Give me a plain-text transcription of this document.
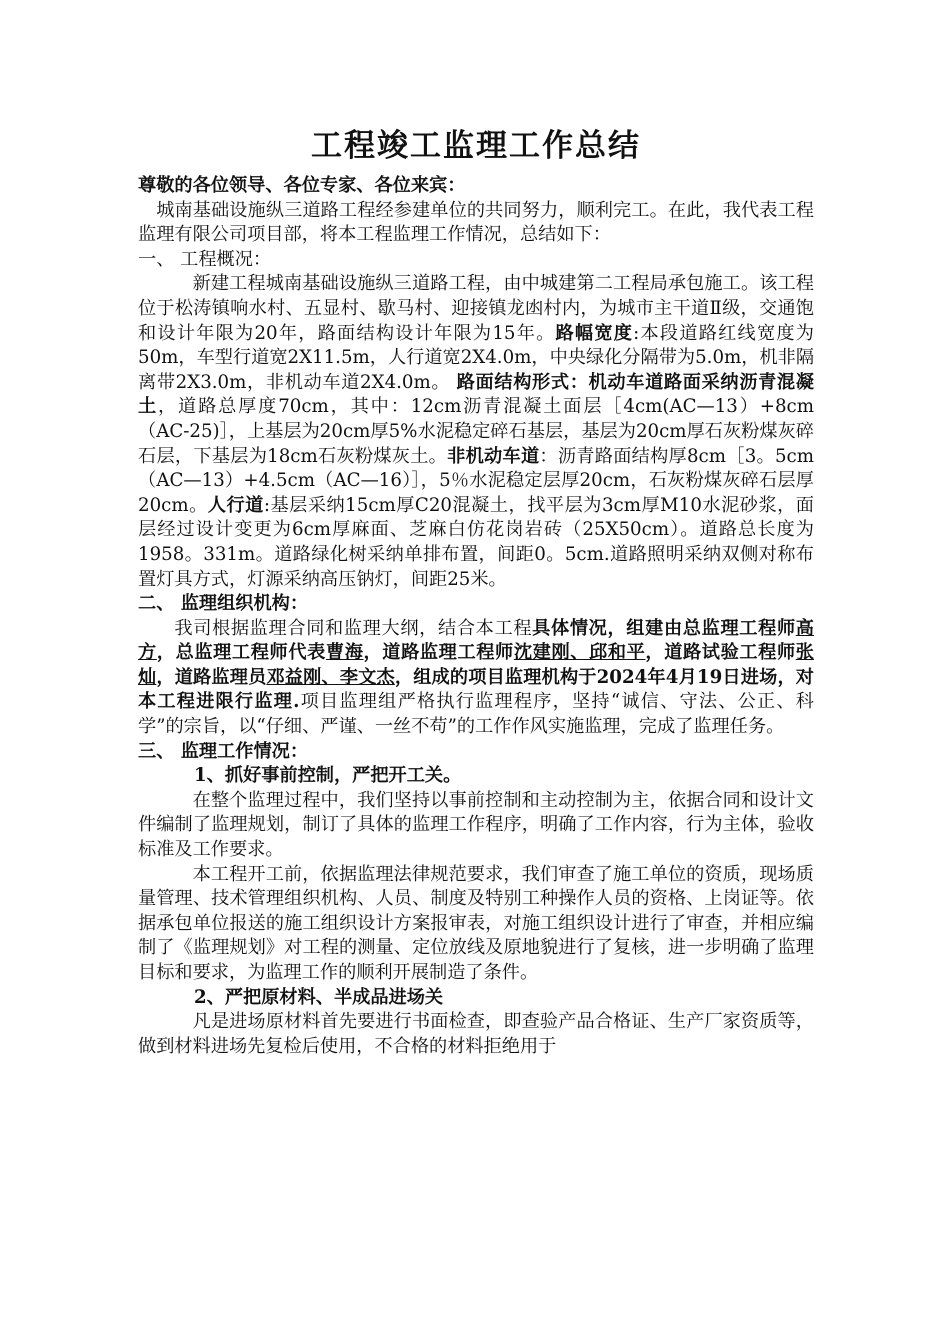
工程竣工监理工作总结

尊敬的各位领导、各位专家、各位来宾：

城南基础设施纵三道路工程经参建单位的共同努力，顺利完工。在此，我代表工程监理有限公司项目部，将本工程监理工作情况，总结如下：

一、 工程概况：

新建工程城南基础设施纵三道路工程，由中城建第二工程局承包施工。该工程位于松涛镇响水村、五显村、歇马村、迎接镇龙凼村内，为城市主干道Ⅱ级，交通饱和设计年限为20年，路面结构设计年限为15年。路幅宽度:本段道路红线宽度为50m，车型行道宽2X11.5m，人行道宽2X4.0m，中央绿化分隔带为5.0m，机非隔离带2X3.0m，非机动车道2X4.0m。 路面结构形式：机动车道路面采纳沥青混凝土，道路总厚度70cm，其中：12cm沥青混凝土面层［4cm(AC—13）+8cm（AC-25)］，上基层为20cm厚5%水泥稳定碎石基层，基层为20cm厚石灰粉煤灰碎石层，下基层为18cm石灰粉煤灰土。非机动车道：沥青路面结构厚8cm［3。5cm（AC—13）+4.5cm（AC—16）］，5％水泥稳定层厚20cm，石灰粉煤灰碎石层厚20cm。人行道:基层采纳15cm厚C20混凝土，找平层为3cm厚M10水泥砂浆，面层经过设计变更为6cm厚麻面、芝麻白仿花岗岩砖（25X50cm）。道路总长度为1958。331m。道路绿化树采纳单排布置，间距0。5cm.道路照明采纳双侧对称布置灯具方式，灯源采纳高压钠灯，间距25米。

二、 监理组织机构：

我司根据监理合同和监理大纲，结合本工程具体情况，组建由总监理工程师高方，总监理工程师代表曹海，道路监理工程师沈建刚、邱和平，道路试验工程师张灿，道路监理员邓益刚、李文杰，组成的项目监理机构于2024年4月19日进场，对本工程进限行监理.项目监理组严格执行监理程序，坚持“诚信、守法、公正、科学”的宗旨，以“仔细、严谨、一丝不苟”的工作作风实施监理，完成了监理任务。

三、 监理工作情况：

1、抓好事前控制，严把开工关。

在整个监理过程中，我们坚持以事前控制和主动控制为主，依据合同和设计文件编制了监理规划，制订了具体的监理工作程序，明确了工作内容，行为主体，验收标准及工作要求。

本工程开工前，依据监理法律规范要求，我们审查了施工单位的资质，现场质量管理、技术管理组织机构、人员、制度及特别工种操作人员的资格、上岗证等。依据承包单位报送的施工组织设计方案报审表，对施工组织设计进行了审查，并相应编制了《监理规划》对工程的测量、定位放线及原地貌进行了复核，进一步明确了监理目标和要求，为监理工作的顺利开展制造了条件。

2、严把原材料、半成品进场关

凡是进场原材料首先要进行书面检查，即查验产品合格证、生产厂家资质等，做到材料进场先复检后使用，不合格的材料拒绝用于
